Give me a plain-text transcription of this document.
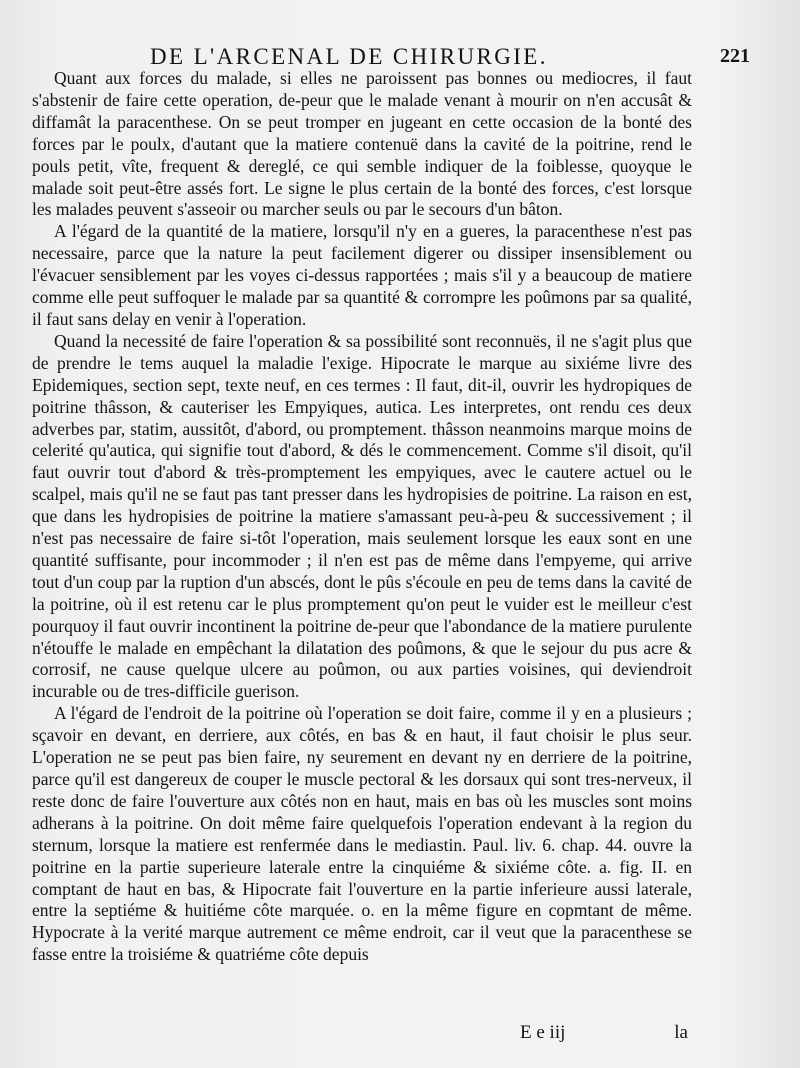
DE L'ARCENAL DE CHIRURGIE.	221

Quant aux forces du malade, si elles ne paroissent pas bonnes ou mediocres, il faut s'abstenir de faire cette operation, de-peur que le malade venant à mourir on n'en accusât & diffamât la paracenthese. On se peut tromper en jugeant en cette occasion de la bonté des forces par le poulx, d'autant que la matiere contenuë dans la cavité de la poitrine, rend le pouls petit, vîte, frequent & dereglé, ce qui semble indiquer de la foiblesse, quoyque le malade soit peut-être assés fort. Le signe le plus certain de la bonté des forces, c'est lorsque les malades peuvent s'asseoir ou marcher seuls ou par le secours d'un bâton.

A l'égard de la quantité de la matiere, lorsqu'il n'y en a gueres, la paracenthese n'est pas necessaire, parce que la nature la peut facilement digerer ou dissiper insensiblement ou l'évacuer sensiblement par les voyes ci-dessus rapportées ; mais s'il y a beaucoup de matiere comme elle peut suffoquer le malade par sa quantité & corrompre les poûmons par sa qualité, il faut sans delay en venir à l'operation.

Quand la necessité de faire l'operation & sa possibilité sont reconnuës, il ne s'agit plus que de prendre le tems auquel la maladie l'exige. Hipocrate le marque au sixiéme livre des Epidemiques, section sept, texte neuf, en ces termes : Il faut, dit-il, ouvrir les hydropiques de poitrine thâsson, & cauteriser les Empyiques, autica. Les interpretes, ont rendu ces deux adverbes par, statim, aussitôt, d'abord, ou promptement. thâsson neanmoins marque moins de celerité qu'autica, qui signifie tout d'abord, & dés le commencement. Comme s'il disoit, qu'il faut ouvrir tout d'abord & très-promptement les empyiques, avec le cautere actuel ou le scalpel, mais qu'il ne se faut pas tant presser dans les hydropisies de poitrine. La raison en est, que dans les hydropisies de poitrine la matiere s'amassant peu-à-peu & successivement ; il n'est pas necessaire de faire si-tôt l'operation, mais seulement lorsque les eaux sont en une quantité suffisante, pour incommoder ; il n'en est pas de même dans l'empyeme, qui arrive tout d'un coup par la ruption d'un abscés, dont le pûs s'écoule en peu de tems dans la cavité de la poitrine, où il est retenu car le plus promptement qu'on peut le vuider est le meilleur c'est pourquoy il faut ouvrir incontinent la poitrine de-peur que l'abondance de la matiere purulente n'étouffe le malade en empêchant la dilatation des poûmons, & que le sejour du pus acre & corrosif, ne cause quelque ulcere au poûmon, ou aux parties voisines, qui deviendroit incurable ou de tres-difficile guerison.

A l'égard de l'endroit de la poitrine où l'operation se doit faire, comme il y en a plusieurs ; sçavoir en devant, en derriere, aux côtés, en bas & en haut, il faut choisir le plus seur. L'operation ne se peut pas bien faire, ny seurement en devant ny en derriere de la poitrine, parce qu'il est dangereux de couper le muscle pectoral & les dorsaux qui sont tres-nerveux, il reste donc de faire l'ouverture aux côtés non en haut, mais en bas où les muscles sont moins adherans à la poitrine. On doit même faire quelquefois l'operation endevant à la region du sternum, lorsque la matiere est renfermée dans le mediastin. Paul. liv. 6. chap. 44. ouvre la poitrine en la partie superieure laterale entre la cinquiéme & sixiéme côte. a. fig. II. en comptant de haut en bas, & Hipocrate fait l'ouverture en la partie inferieure aussi laterale, entre la septiéme & huitiéme côte marquée. o. en la même figure en copmtant de même. Hypocrate à la verité marque autrement ce même endroit, car il veut que la paracenthese se fasse entre la troisiéme & quatriéme côte depuis

E e iij	la
